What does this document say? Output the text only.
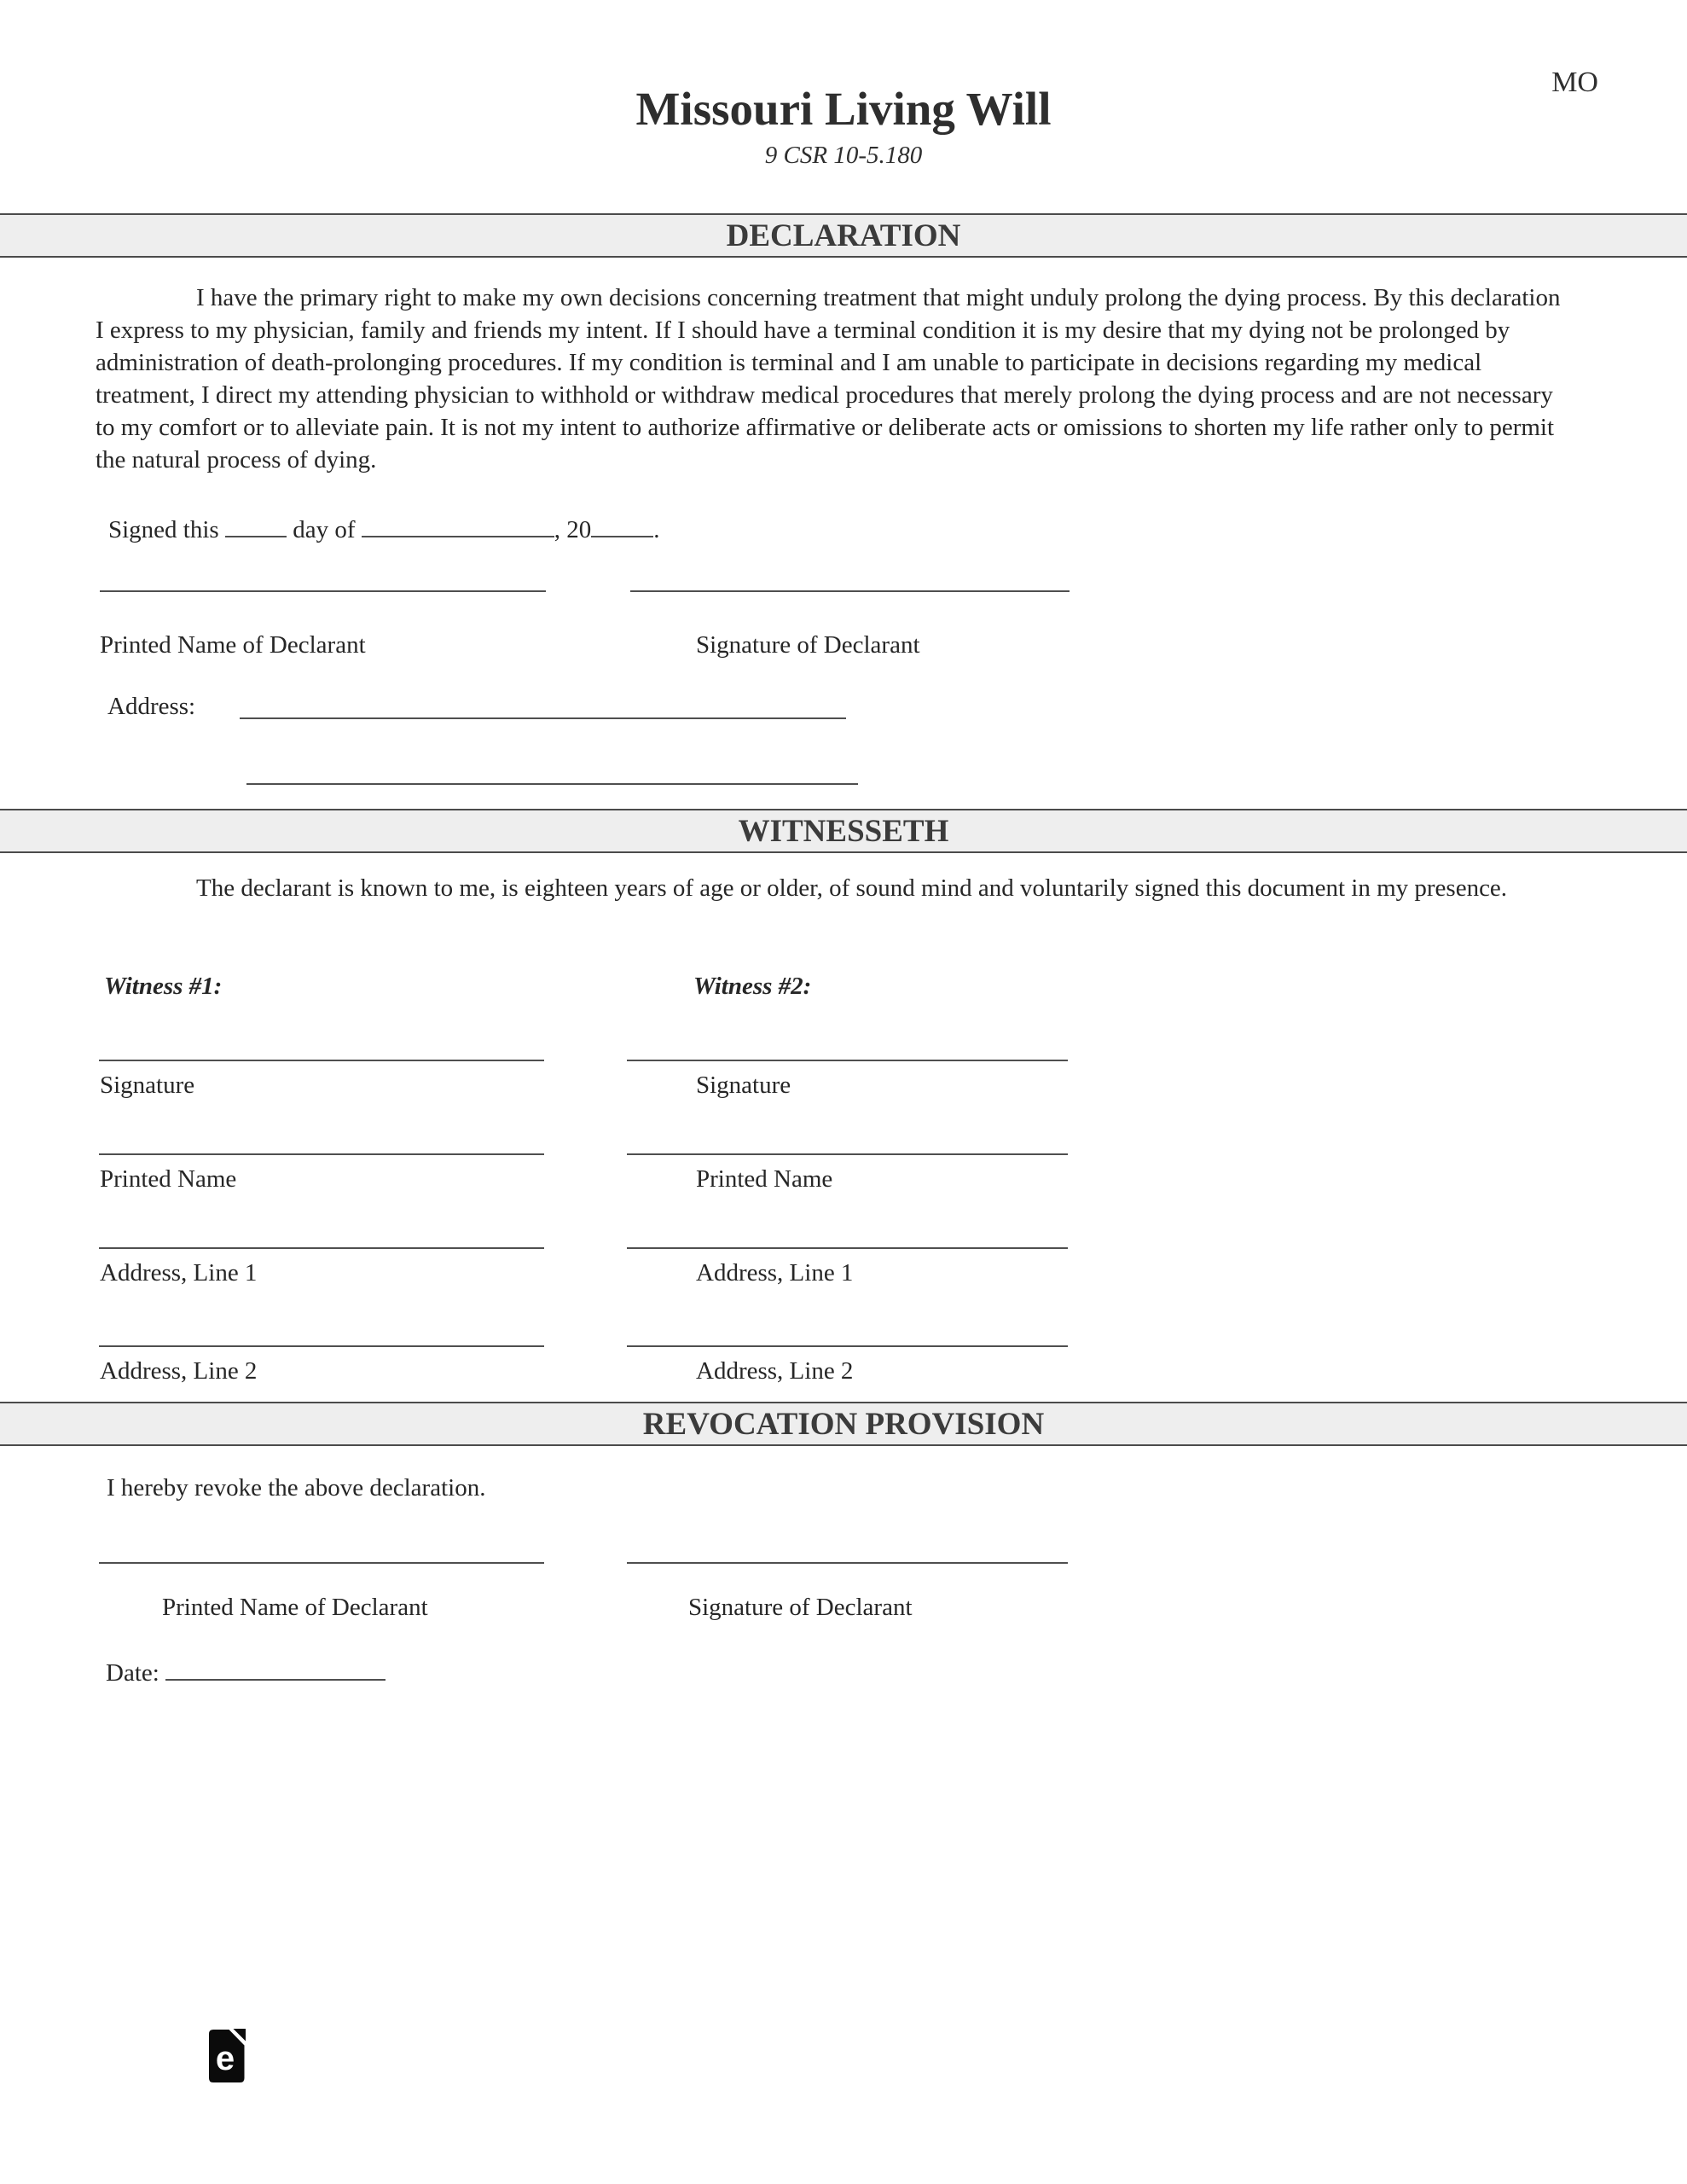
MO
Missouri Living Will
9 CSR 10-5.180
DECLARATION
I have the primary right to make my own decisions concerning treatment that might unduly prolong the dying process. By this declaration I express to my physician, family and friends my intent. If I should have a terminal condition it is my desire that my dying not be prolonged by administration of death-prolonging procedures. If my condition is terminal and I am unable to participate in decisions regarding my medical treatment, I direct my attending physician to withhold or withdraw medical procedures that merely prolong the dying process and are not necessary to my comfort or to alleviate pain. It is not my intent to authorize affirmative or deliberate acts or omissions to shorten my life rather only to permit the natural process of dying.
Signed this	day of	, 20	.
Printed Name of Declarant	Signature of Declarant
Address:
WITNESSETH
The declarant is known to me, is eighteen years of age or older, of sound mind and voluntarily signed this document in my presence.
Witness #1:	Witness #2:
Signature	Signature
Printed Name	Printed Name
Address, Line 1	Address, Line 1
Address, Line 2	Address, Line 2
REVOCATION PROVISION
I hereby revoke the above declaration.
Printed Name of Declarant	Signature of Declarant
Date:
e
